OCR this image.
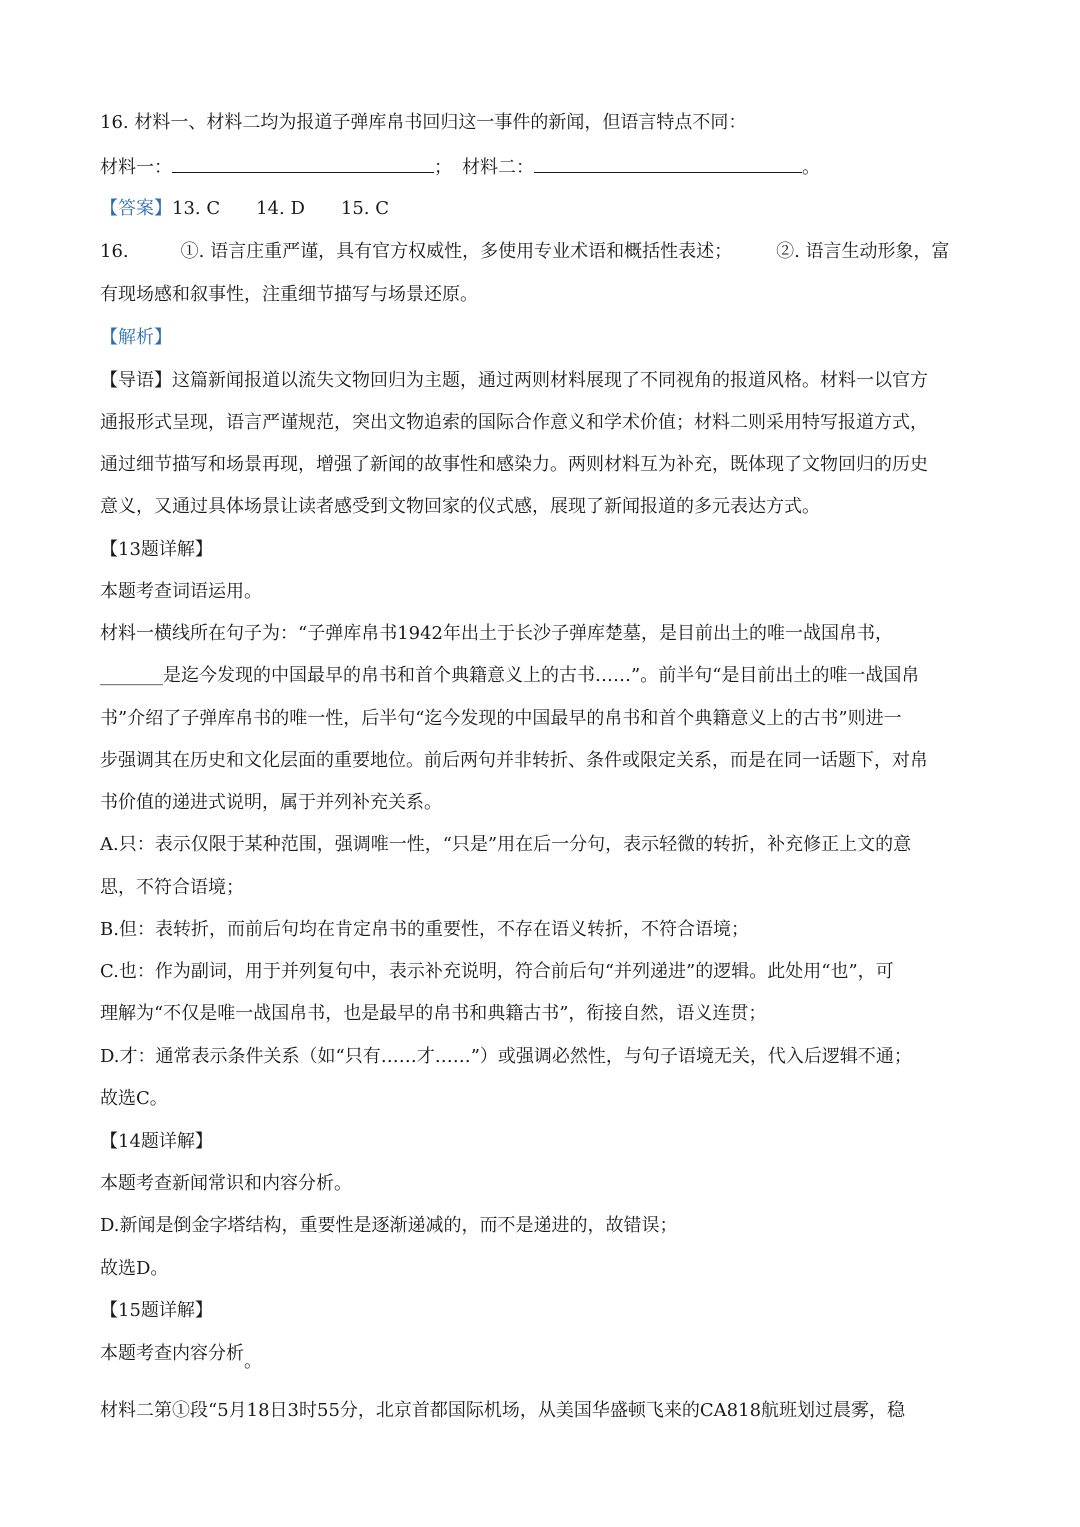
16. 材料一、材料二均为报道子弹库帛书回归这一事件的新闻，但语言特点不同：
材料一：	； 材料二：	。
【答案】13. C 14. D 15. C
16.	①. 语言庄重严谨，具有官方权威性，多使用专业术语和概括性表述； ②. 语言生动形象，富
有现场感和叙事性，注重细节描写与场景还原。
【解析】
【导语】这篇新闻报道以流失文物回归为主题，通过两则材料展现了不同视角的报道风格。材料一以官方
通报形式呈现，语言严谨规范，突出文物追索的国际合作意义和学术价值；材料二则采用特写报道方式，
通过细节描写和场景再现，增强了新闻的故事性和感染力。两则材料互为补充，既体现了文物回归的历史
意义，又通过具体场景让读者感受到文物回家的仪式感，展现了新闻报道的多元表达方式。
【13题详解】
本题考查词语运用。
材料一横线所在句子为：“子弹库帛书1942年出土于长沙子弹库楚墓，是目前出土的唯一战国帛书，
_______是迄今发现的中国最早的帛书和首个典籍意义上的古书……”。前半句“是目前出土的唯一战国帛
书”介绍了子弹库帛书的唯一性，后半句“迄今发现的中国最早的帛书和首个典籍意义上的古书”则进一
步强调其在历史和文化层面的重要地位。前后两句并非转折、条件或限定关系，而是在同一话题下，对帛
书价值的递进式说明，属于并列补充关系。
A.只：表示仅限于某种范围，强调唯一性，“只是”用在后一分句，表示轻微的转折，补充修正上文的意
思，不符合语境；
B.但：表转折，而前后句均在肯定帛书的重要性，不存在语义转折，不符合语境；
C.也：作为副词，用于并列复句中，表示补充说明，符合前后句“并列递进”的逻辑。此处用“也”，可
理解为“不仅是唯一战国帛书，也是最早的帛书和典籍古书”，衔接自然，语义连贯；
D.才：通常表示条件关系（如“只有……才……”）或强调必然性，与句子语境无关，代入后逻辑不通；
故选C。
【14题详解】
本题考查新闻常识和内容分析。
D.新闻是倒金字塔结构，重要性是逐渐递减的，而不是递进的，故错误；
故选D。
【15题详解】
本题考查内容分析。
材料二第①段“5月18日3时55分，北京首都国际机场，从美国华盛顿飞来的CA818航班划过晨雾，稳
